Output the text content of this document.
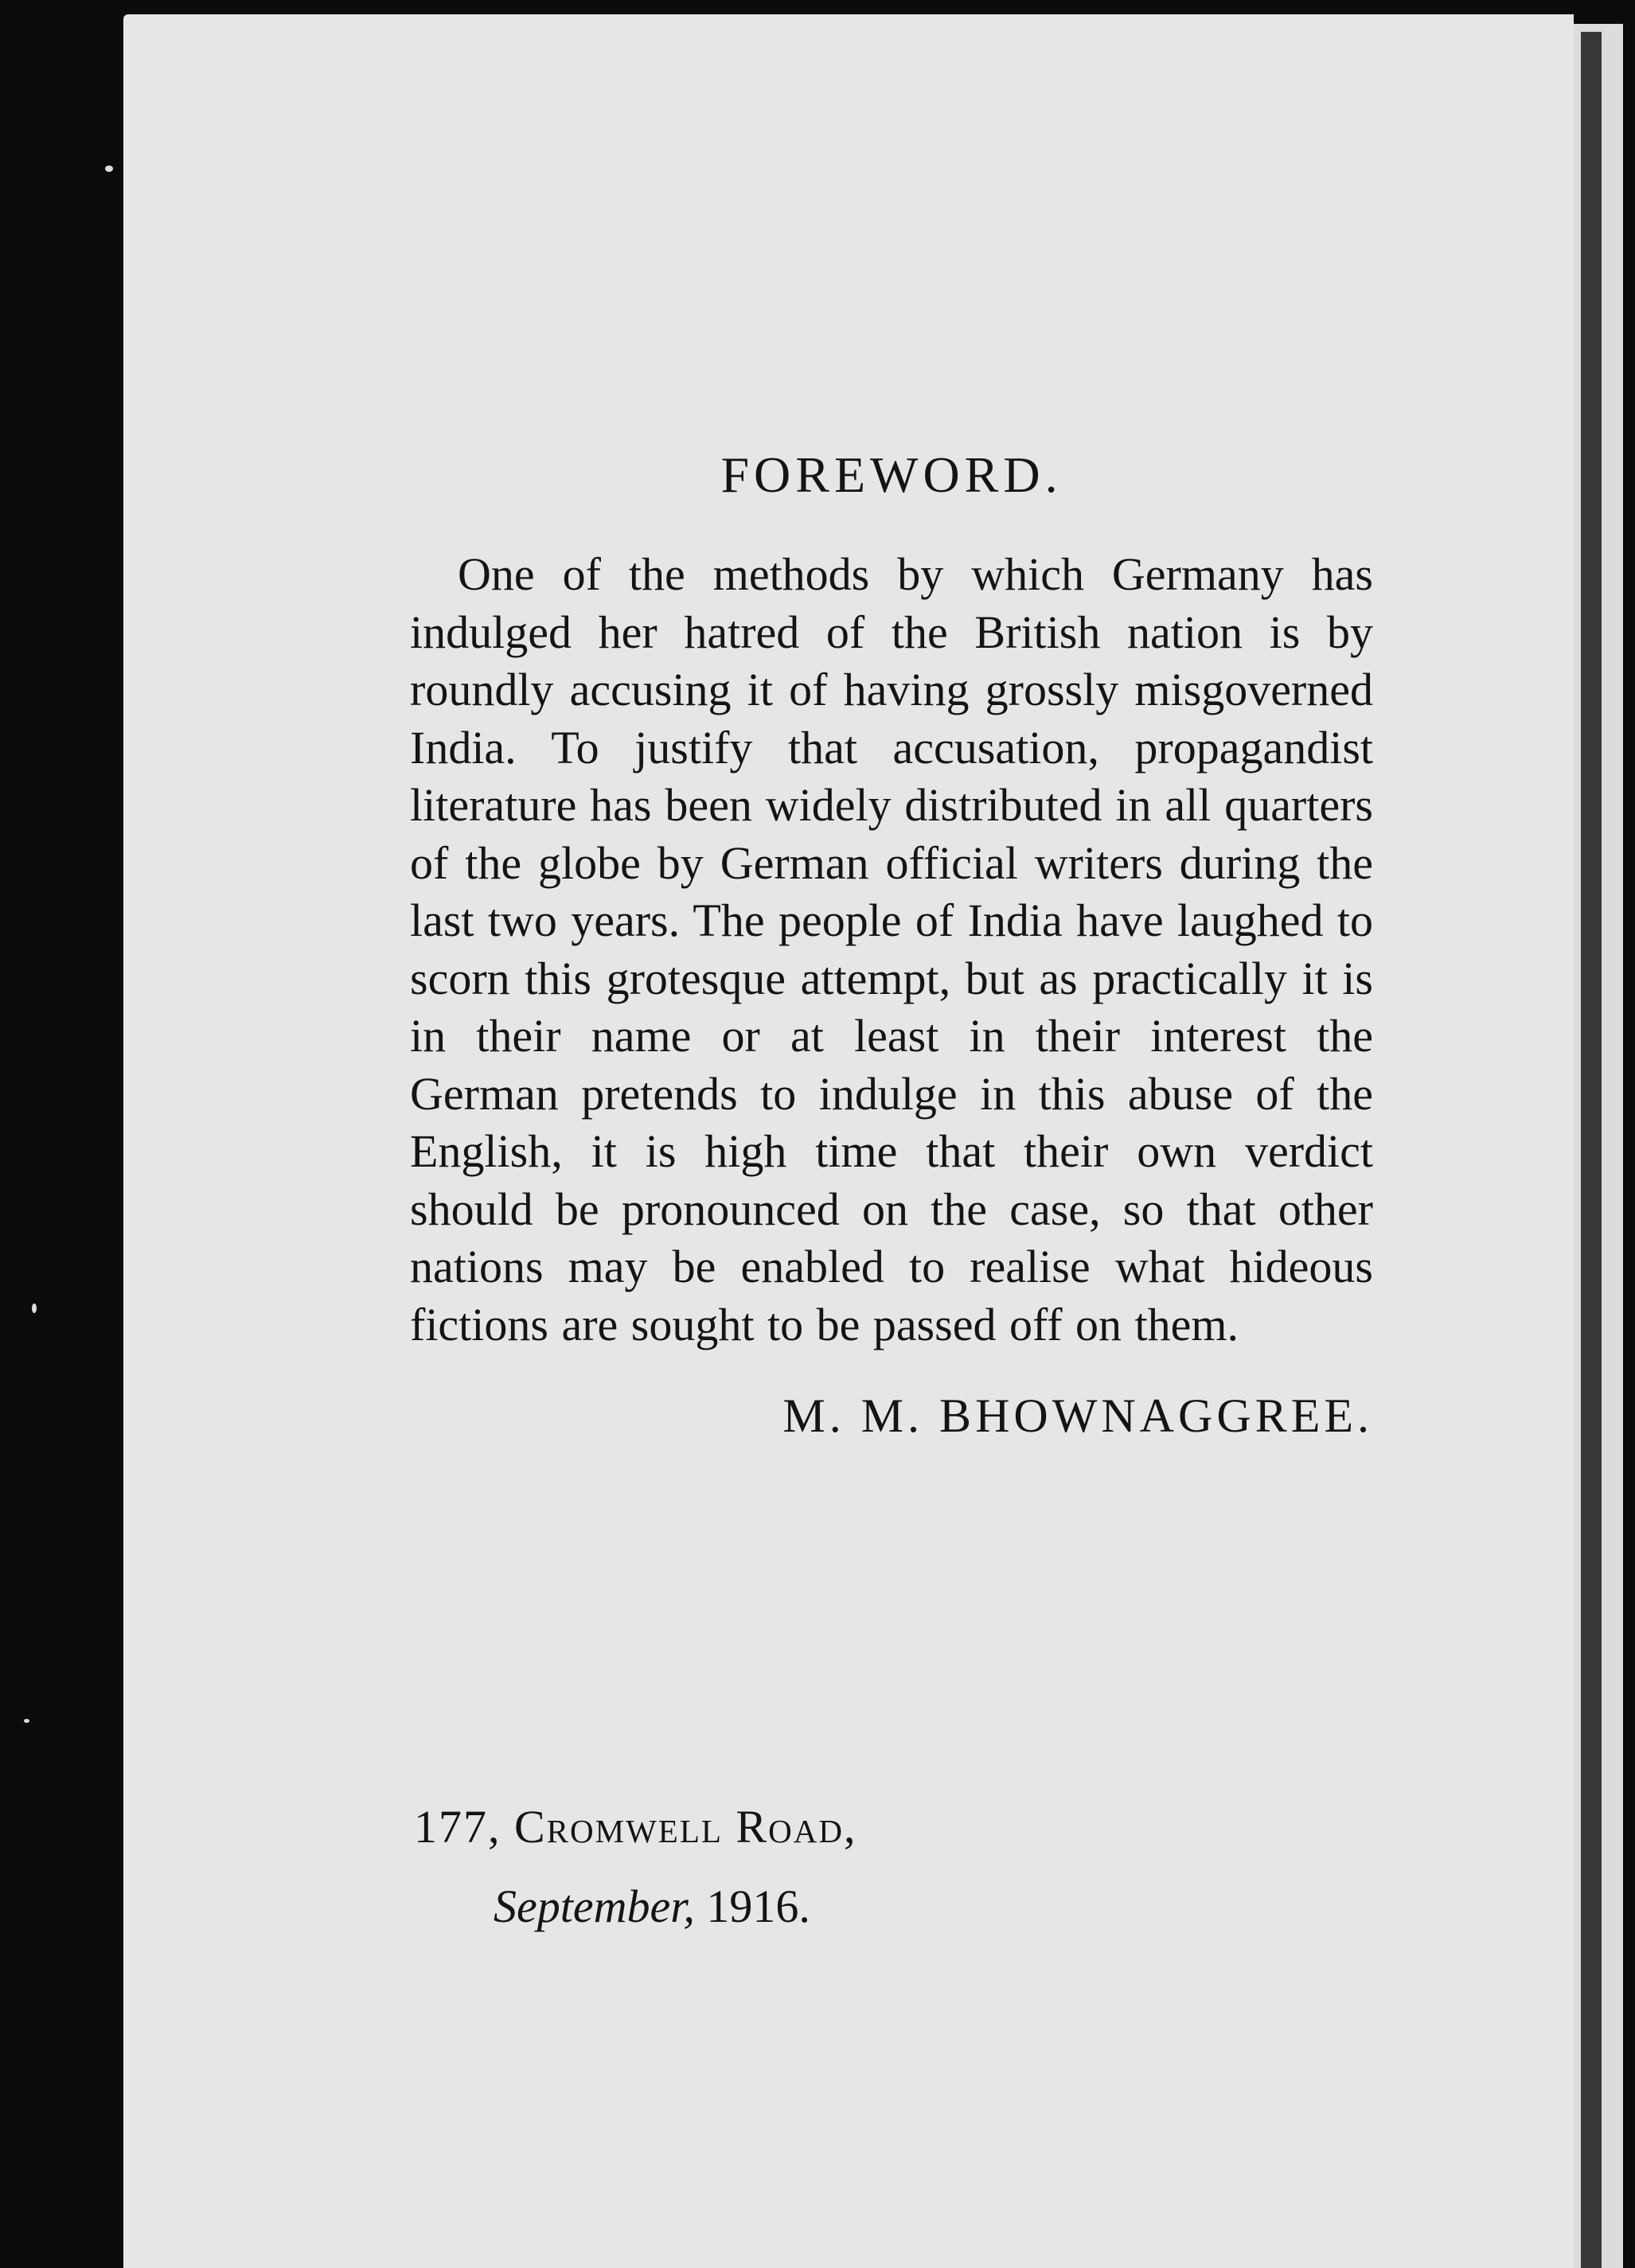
FOREWORD.

One of the methods by which Germany has indulged her hatred of the British nation is by roundly accusing it of having grossly misgoverned India. To justify that accusation, propagandist literature has been widely distributed in all quarters of the globe by German official writers during the last two years. The people of India have laughed to scorn this grotesque attempt, but as practically it is in their name or at least in their interest the German pretends to indulge in this abuse of the English, it is high time that their own verdict should be pronounced on the case, so that other nations may be enabled to realise what hideous fictions are sought to be passed off on them.

M. M. BHOWNAGGREE.
177, Cromwell Road,
September, 1916.
